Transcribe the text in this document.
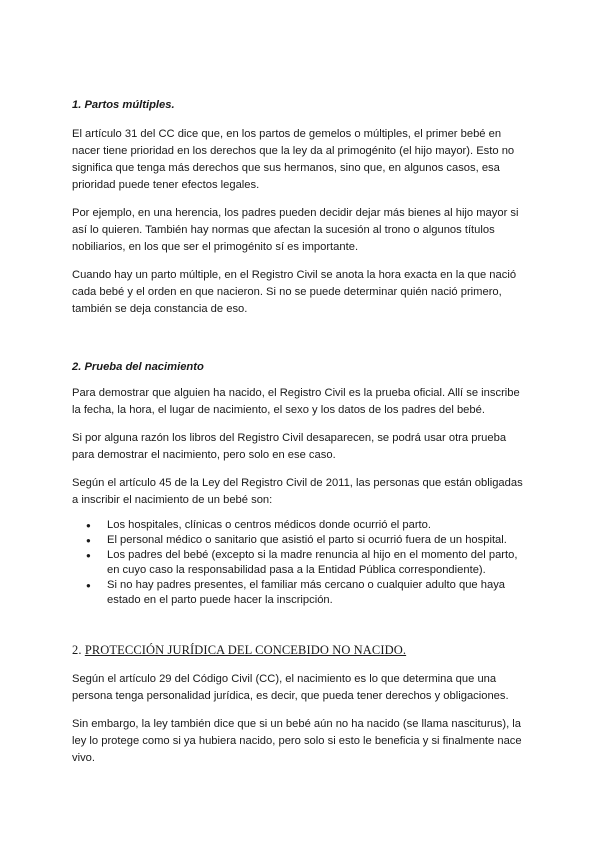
1. Partos múltiples.

El artículo 31 del CC dice que, en los partos de gemelos o múltiples, el primer bebé en nacer tiene prioridad en los derechos que la ley da al primogénito (el hijo mayor). Esto no significa que tenga más derechos que sus hermanos, sino que, en algunos casos, esa prioridad puede tener efectos legales.

Por ejemplo, en una herencia, los padres pueden decidir dejar más bienes al hijo mayor si así lo quieren. También hay normas que afectan la sucesión al trono o algunos títulos nobiliarios, en los que ser el primogénito sí es importante.

Cuando hay un parto múltiple, en el Registro Civil se anota la hora exacta en la que nació cada bebé y el orden en que nacieron. Si no se puede determinar quién nació primero, también se deja constancia de eso.

2. Prueba del nacimiento

Para demostrar que alguien ha nacido, el Registro Civil es la prueba oficial. Allí se inscribe la fecha, la hora, el lugar de nacimiento, el sexo y los datos de los padres del bebé.

Si por alguna razón los libros del Registro Civil desaparecen, se podrá usar otra prueba para demostrar el nacimiento, pero solo en ese caso.

Según el artículo 45 de la Ley del Registro Civil de 2011, las personas que están obligadas a inscribir el nacimiento de un bebé son:

● Los hospitales, clínicas o centros médicos donde ocurrió el parto.
● El personal médico o sanitario que asistió el parto si ocurrió fuera de un hospital.
● Los padres del bebé (excepto si la madre renuncia al hijo en el momento del parto, en cuyo caso la responsabilidad pasa a la Entidad Pública correspondiente).
● Si no hay padres presentes, el familiar más cercano o cualquier adulto que haya estado en el parto puede hacer la inscripción.
2. PROTECCIÓN JURÍDICA DEL CONCEBIDO NO NACIDO.

Según el artículo 29 del Código Civil (CC), el nacimiento es lo que determina que una persona tenga personalidad jurídica, es decir, que pueda tener derechos y obligaciones.

Sin embargo, la ley también dice que si un bebé aún no ha nacido (se llama nasciturus), la ley lo protege como si ya hubiera nacido, pero solo si esto le beneficia y si finalmente nace vivo.
